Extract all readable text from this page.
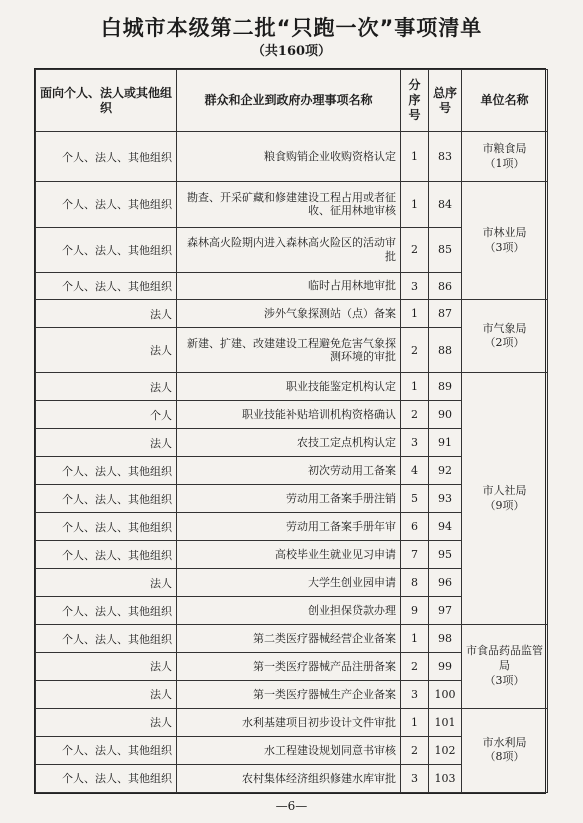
白城市本级第二批“只跑一次”事项清单
（共160项）
面向个人、法人或其他组织	群众和企业到政府办理事项名称	分序号	总序号	单位名称
个人、法人、其他组织	粮食购销企业收购资格认定	1	83	市粮食局
（1项）
个人、法人、其他组织	勘查、开采矿藏和修建建设工程占用或者征收、征用林地审核	1	84	市林业局
（3项）
个人、法人、其他组织	森林高火险期内进入森林高火险区的活动审批	2	85	
个人、法人、其他组织	临时占用林地审批	3	86	
法人	涉外气象探测站（点）备案	1	87	市气象局
（2项）
法人	新建、扩建、改建建设工程避免危害气象探测环境的审批	2	88	
法人	职业技能鉴定机构认定	1	89	市人社局
（9项）
个人	职业技能补贴培训机构资格确认	2	90	
法人	农技工定点机构认定	3	91	
个人、法人、其他组织	初次劳动用工备案	4	92	
个人、法人、其他组织	劳动用工备案手册注销	5	93	
个人、法人、其他组织	劳动用工备案手册年审	6	94	
个人、法人、其他组织	高校毕业生就业见习申请	7	95	
法人	大学生创业园申请	8	96	
个人、法人、其他组织	创业担保贷款办理	9	97	
个人、法人、其他组织	第二类医疗器械经营企业备案	1	98	市食品药品监管局
（3项）
法人	第一类医疗器械产品注册备案	2	99	
法人	第一类医疗器械生产企业备案	3	100	
法人	水利基建项目初步设计文件审批	1	101	市水利局
（8项）
个人、法人、其他组织	水工程建设规划同意书审核	2	102	
个人、法人、其他组织	农村集体经济组织修建水库审批	3	103	
—6—
